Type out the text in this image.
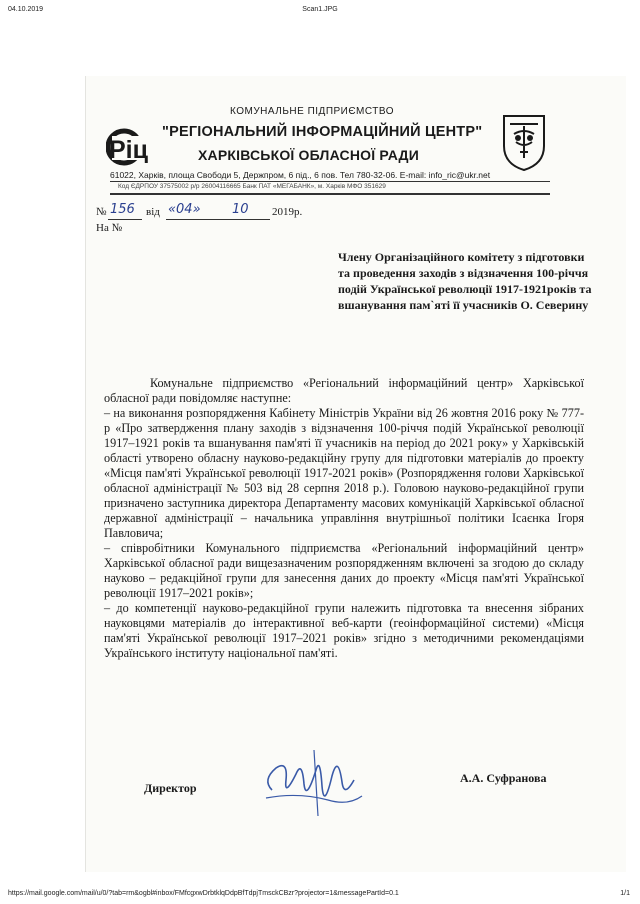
04.10.2019	Scan1.JPG
Ріц
КОМУНАЛЬНЕ ПІДПРИЄМСТВО
"РЕГІОНАЛЬНИЙ ІНФОРМАЦІЙНИЙ ЦЕНТР"
ХАРКІВСЬКОЇ ОБЛАСНОЇ РАДИ
61022, Харків, площа Свободи 5, Держпром, 6 під., 6 пов. Тел 780-32-06. E-mail: info_ric@ukr.net
Код ЄДРПОУ 37575002 р/р 26004116665 Банк ПАТ «МЕГАБАНК», м. Харків МФО 351629
№ 156 від «04» 10 2019р.
На №
Члену Організаційного комітету з підготовки та проведення заходів з відзначення 100-річчя подій Української революції 1917-1921років та вшанування пам`яті її учасників О. Северину

Комунальне підприємство «Регіональний інформаційний центр» Харківської обласної ради повідомляє наступне:

– на виконання розпорядження Кабінету Міністрів України від 26 жовтня 2016 року № 777-р «Про затвердження плану заходів з відзначення 100-річчя подій Української революції 1917–1921 років та вшанування пам'яті її учасників на період до 2021 року» у Харківській області утворено обласну науково-редакційну групу для підготовки матеріалів до проекту «Місця пам'яті Української революції 1917-2021 років» (Розпорядження голови Харківської обласної адміністрації № 503 від 28 серпня 2018 р.). Головою науково-редакційної групи призначено заступника директора Департаменту масових комунікацій Харківської обласної державної адміністрації – начальника управління внутрішньої політики Ісаєнка Ігоря Павловича;

– співробітники Комунального підприємства «Регіональний інформаційний центр» Харківської обласної ради вищезазначеним розпорядженням включені за згодою до складу науково – редакційної групи для занесення даних до проекту «Місця пам'яті Української революції 1917–2021 років»;

– до компетенції науково-редакційної групи належить підготовка та внесення зібраних науковцями матеріалів до інтерактивної веб-карти (геоінформаційної системи) «Місця пам'яті Української революції 1917–2021 років» згідно з методичними рекомендаціями Українського інституту національної пам'яті.

Директор
А.А. Суфранова
https://mail.google.com/mail/u/0/?tab=rm&ogbl#inbox/FMfcgxwDrbtklqDdpBfTdpjTmsckCBzr?projector=1&messagePartId=0.1	1/1
